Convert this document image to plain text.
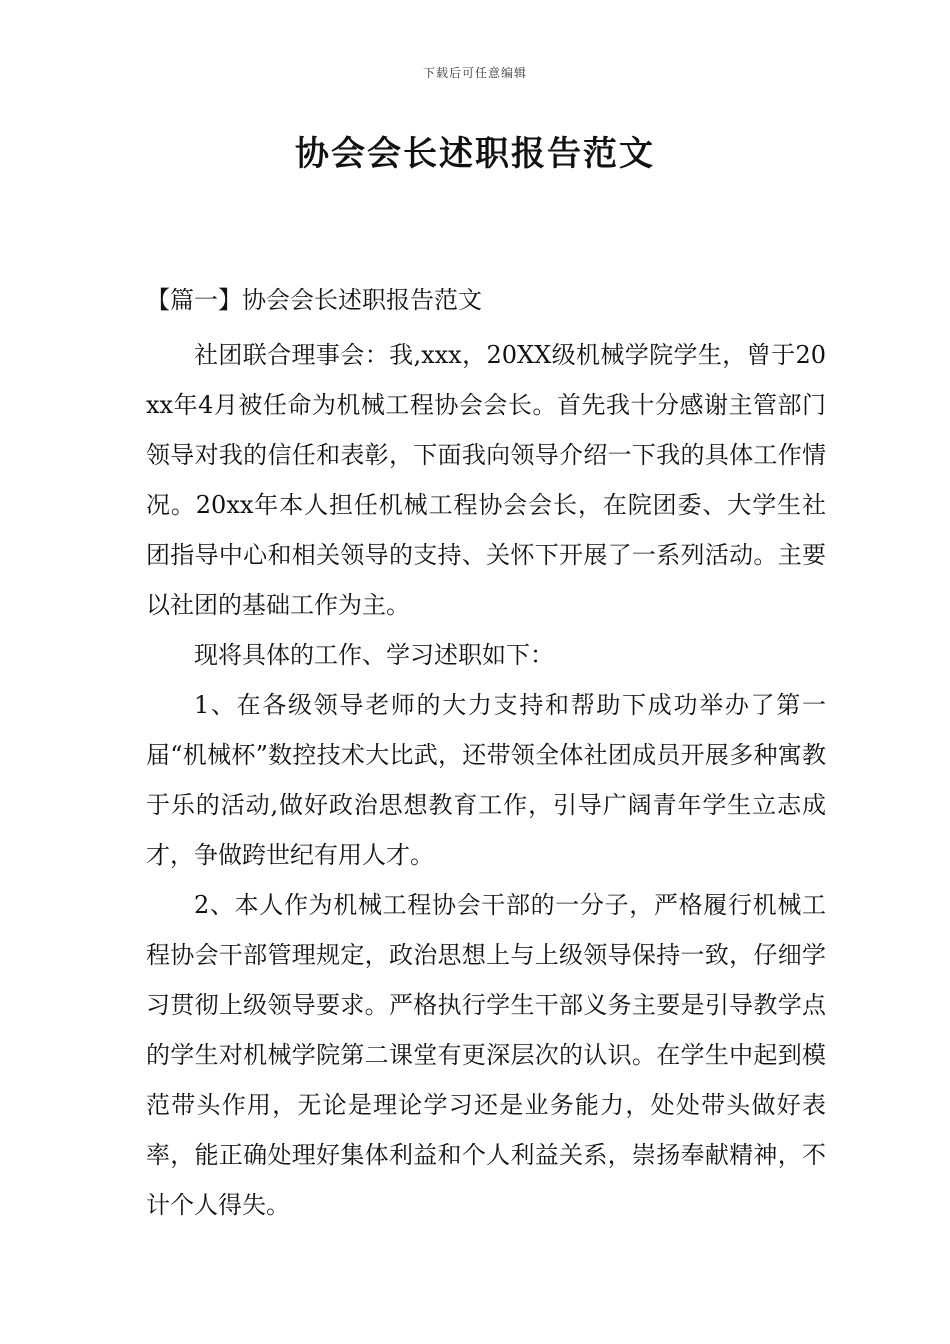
下载后可任意编辑
协会会长述职报告范文
【篇一】协会会长述职报告范文

社团联合理事会：我,xxx，20XX级机械学院学生，曾于20xx年4月被任命为机械工程协会会长。首先我十分感谢主管部门领导对我的信任和表彰，下面我向领导介绍一下我的具体工作情况。20xx年本人担任机械工程协会会长，在院团委、大学生社团指导中心和相关领导的支持、关怀下开展了一系列活动。主要以社团的基础工作为主。

现将具体的工作、学习述职如下：

1、在各级领导老师的大力支持和帮助下成功举办了第一届“机械杯”数控技术大比武，还带领全体社团成员开展多种寓教于乐的活动,做好政治思想教育工作，引导广阔青年学生立志成才，争做跨世纪有用人才。

2、本人作为机械工程协会干部的一分子，严格履行机械工程协会干部管理规定，政治思想上与上级领导保持一致，仔细学习贯彻上级领导要求。严格执行学生干部义务主要是引导教学点的学生对机械学院第二课堂有更深层次的认识。在学生中起到模范带头作用，无论是理论学习还是业务能力，处处带头做好表率，能正确处理好集体利益和个人利益关系，崇扬奉献精神，不计个人得失。
